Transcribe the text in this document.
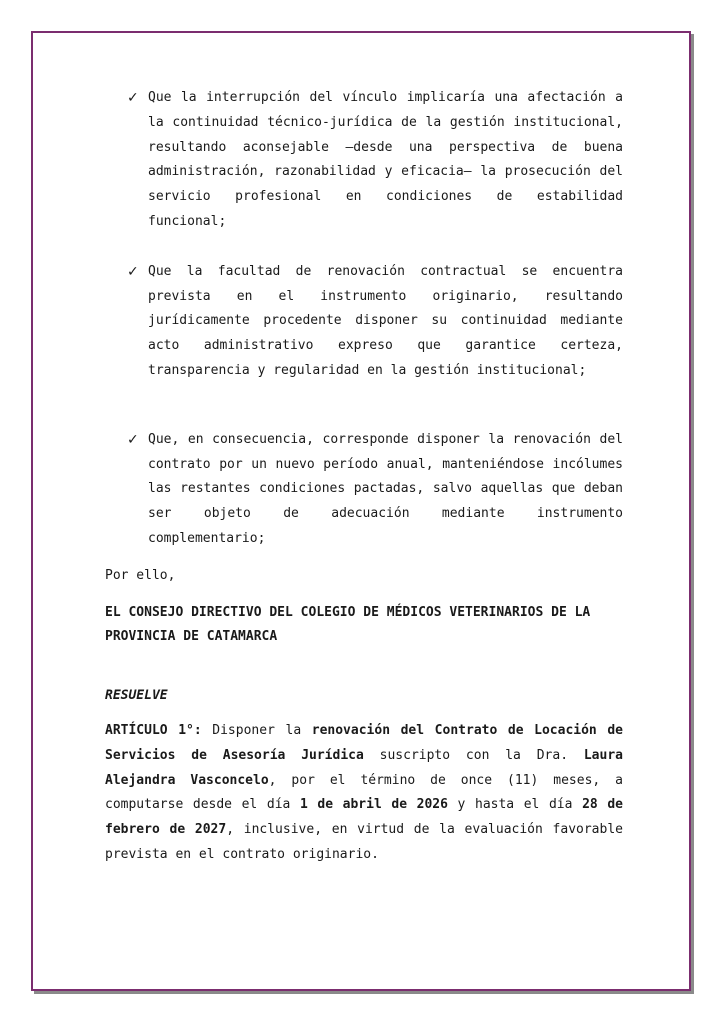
✓ Que la interrupción del vínculo implicaría una afectación a la continuidad técnico-jurídica de la gestión institucional, resultando aconsejable —desde una perspectiva de buena administración, razonabilidad y eficacia— la prosecución del servicio profesional en condiciones de estabilidad funcional;
✓ Que la facultad de renovación contractual se encuentra prevista en el instrumento originario, resultando jurídicamente procedente disponer su continuidad mediante acto administrativo expreso que garantice certeza, transparencia y regularidad en la gestión institucional;
✓ Que, en consecuencia, corresponde disponer la renovación del contrato por un nuevo período anual, manteniéndose incólumes las restantes condiciones pactadas, salvo aquellas que deban ser objeto de adecuación mediante instrumento complementario;
Por ello,
EL CONSEJO DIRECTIVO DEL COLEGIO DE MÉDICOS VETERINARIOS DE LA PROVINCIA DE CATAMARCA
RESUELVE
ARTÍCULO 1°: Disponer la renovación del Contrato de Locación de Servicios de Asesoría Jurídica suscripto con la Dra. Laura Alejandra Vasconcelo, por el término de once (11) meses, a computarse desde el día 1 de abril de 2026 y hasta el día 28 de febrero de 2027, inclusive, en virtud de la evaluación favorable prevista en el contrato originario.
